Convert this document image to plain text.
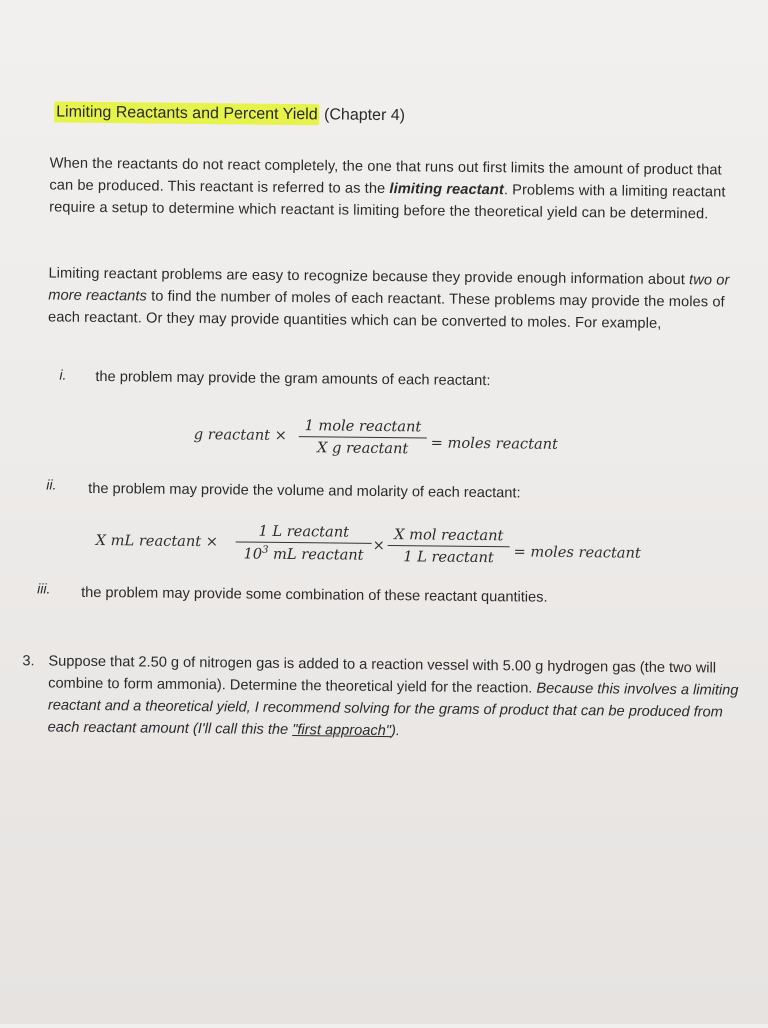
Limiting Reactants and Percent Yield (Chapter 4)
When the reactants do not react completely, the one that runs out first limits the amount of product that can be produced. This reactant is referred to as the limiting reactant. Problems with a limiting reactant require a setup to determine which reactant is limiting before the theoretical yield can be determined.
Limiting reactant problems are easy to recognize because they provide enough information about two or more reactants to find the number of moles of each reactant. These problems may provide the moles of each reactant. Or they may provide quantities which can be converted to moles. For example,
i. the problem may provide the gram amounts of each reactant:
g reactant ×	1 mole reactant
X g reactant	= moles reactant
ii. the problem may provide the volume and molarity of each reactant:
X mL reactant ×
1 L reactant
$10^3$ mL reactant
×
X mol reactant
1 L reactant	= moles reactant
iii. the problem may provide some combination of these reactant quantities.
3. Suppose that 2.50 g of nitrogen gas is added to a reaction vessel with 5.00 g hydrogen gas (the two will combine to form ammonia). Determine the theoretical yield for the reaction. Because this involves a limiting reactant and a theoretical yield, I recommend solving for the grams of product that can be produced from each reactant amount (I'll call this the "first approach").
